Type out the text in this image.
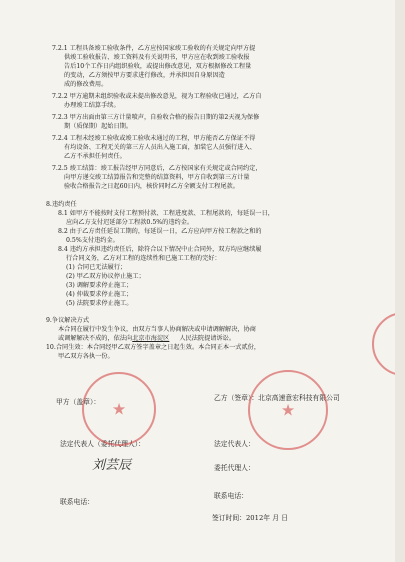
7.2.1 工程具备竣工验收条件，乙方应按国家竣工验收的有关规定向甲方提
供竣工验收报告、竣工资料及有关说明书，甲方应在收到竣工验收报
告后10个工作日内组织验收，或提出修改意见，双方根据修改工程量
的变动，乙方须按甲方要求进行修改，并承担因自身原因造
成的修改费用。
7.2.2 甲方逾期未组织验收或未提出修改意见，视为工程验收已通过，乙方自
办理竣工结算手续。
7.2.3 甲方出面由第三方计量喷声，自验收合格的报告日期的第2天视为保修
期（质保期）起始日期。
7.2.4 工程未经竣工验收或竣工验收未通过的工程，甲方能否乙方保证不得
有均设备、工程无关的第三方人员出入施工面，加装它人员强行进入、
乙方不承担任何责任。
7.2.5 竣工结算：竣工报告经甲方同意后，乙方按国家有关规定或合同约定，
向甲方递交竣工结算报告和完整的结算资料，甲方自收到第三方计量
验收合格报告之日起60日内，核价同时乙方全额支付工程尾款。
8.违约责任
8.1 如甲方不能按时支付工程预付款、工程进度款、工程尾款的，每延误一日，
应向乙方支付迟延部分工程款0.5%的违约金。
8.2 由于乙方责任延误工期的，每延误一日，乙方应向甲方按工程款之和的
0.5%支付违约金。
8.4 违约方承担违约责任后，除符合以下情况中止合同外，双方均应继续履
行合同义务，乙方对工程的连续性和已施工工程的完好：
(1) 合同已无法履行；
(2) 甲乙双方协议停止施工；
(3) 调解要求停止施工；
(4) 仲裁要求停止施工；
(5) 法院要求停止施工。
9.争议解决方式
本合同在履行中发生争议，由双方当事人协商解决或申请调解解决，协商
或调解解决不成的，依法向北京市海淀区 人民法院提请诉讼。
10.合同生效：本合同经甲乙双方签字盖章之日起生效。本合同正本一式贰份，
甲乙双方各执一份。
甲方（盖章）：	乙方（签章）：北京高速意宏科技有限公司
法定代表人（委托代理人）：	法定代表人：
委托代理人：
联系电话：
联系电话：
签订时间：2012年 月 日
刘芸辰
★	★
